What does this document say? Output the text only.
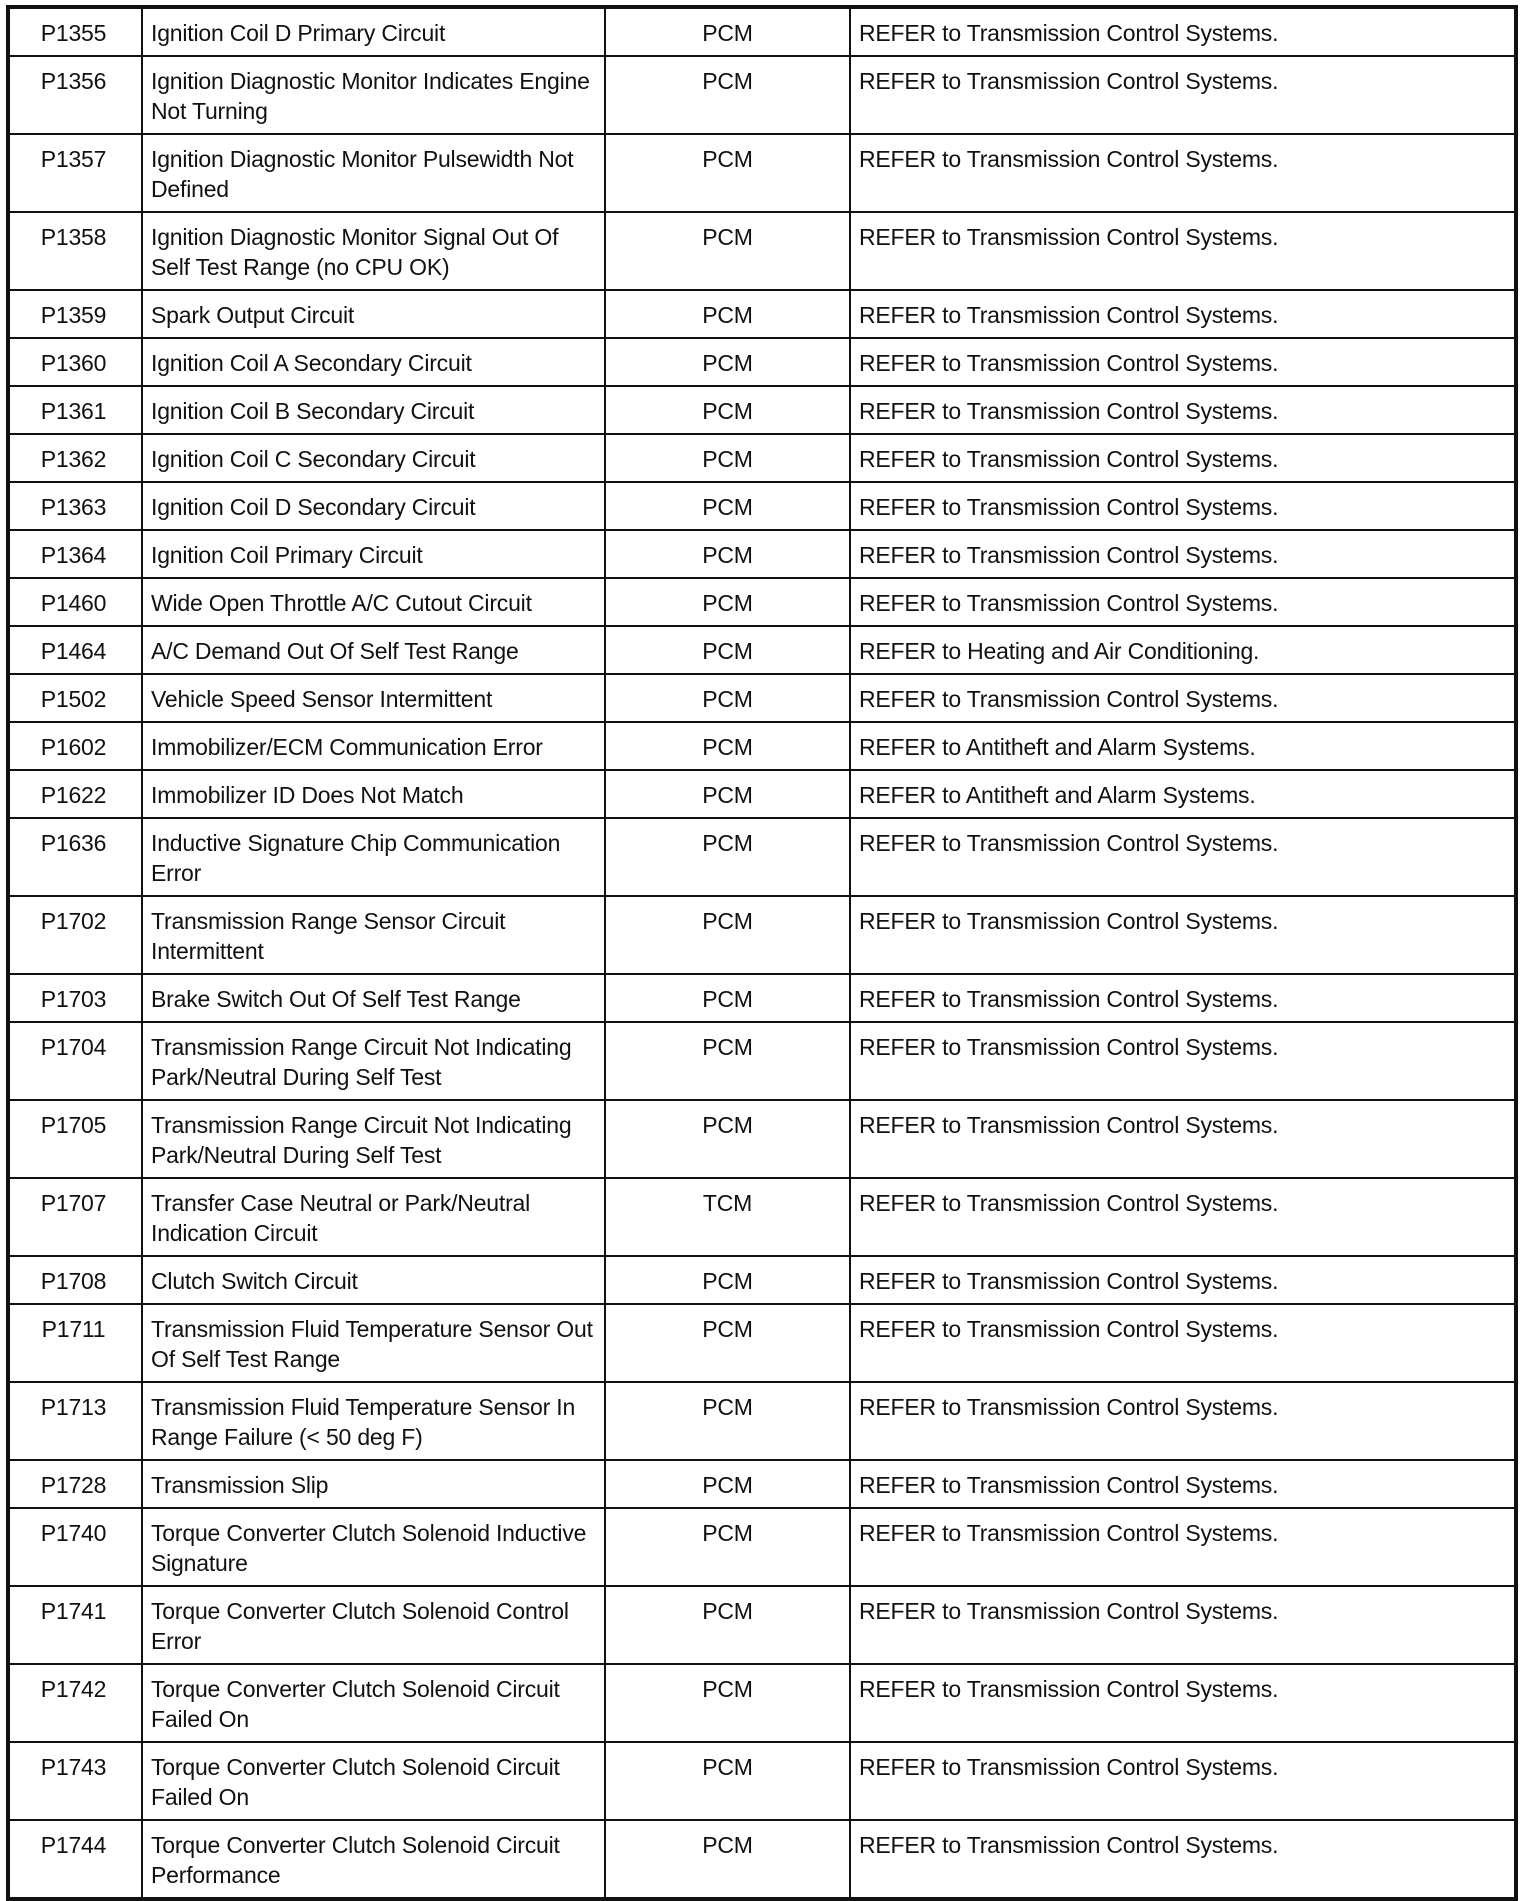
P1355	Ignition Coil D Primary Circuit	PCM	REFER to Transmission Control Systems.
P1356	Ignition Diagnostic Monitor Indicates Engine Not Turning	PCM	REFER to Transmission Control Systems.
P1357	Ignition Diagnostic Monitor Pulsewidth Not Defined	PCM	REFER to Transmission Control Systems.
P1358	Ignition Diagnostic Monitor Signal Out Of Self Test Range (no CPU OK)	PCM	REFER to Transmission Control Systems.
P1359	Spark Output Circuit	PCM	REFER to Transmission Control Systems.
P1360	Ignition Coil A Secondary Circuit	PCM	REFER to Transmission Control Systems.
P1361	Ignition Coil B Secondary Circuit	PCM	REFER to Transmission Control Systems.
P1362	Ignition Coil C Secondary Circuit	PCM	REFER to Transmission Control Systems.
P1363	Ignition Coil D Secondary Circuit	PCM	REFER to Transmission Control Systems.
P1364	Ignition Coil Primary Circuit	PCM	REFER to Transmission Control Systems.
P1460	Wide Open Throttle A/C Cutout Circuit	PCM	REFER to Transmission Control Systems.
P1464	A/C Demand Out Of Self Test Range	PCM	REFER to Heating and Air Conditioning.
P1502	Vehicle Speed Sensor Intermittent	PCM	REFER to Transmission Control Systems.
P1602	Immobilizer/ECM Communication Error	PCM	REFER to Antitheft and Alarm Systems.
P1622	Immobilizer ID Does Not Match	PCM	REFER to Antitheft and Alarm Systems.
P1636	Inductive Signature Chip Communication Error	PCM	REFER to Transmission Control Systems.
P1702	Transmission Range Sensor Circuit Intermittent	PCM	REFER to Transmission Control Systems.
P1703	Brake Switch Out Of Self Test Range	PCM	REFER to Transmission Control Systems.
P1704	Transmission Range Circuit Not Indicating Park/Neutral During Self Test	PCM	REFER to Transmission Control Systems.
P1705	Transmission Range Circuit Not Indicating Park/Neutral During Self Test	PCM	REFER to Transmission Control Systems.
P1707	Transfer Case Neutral or Park/Neutral Indication Circuit	TCM	REFER to Transmission Control Systems.
P1708	Clutch Switch Circuit	PCM	REFER to Transmission Control Systems.
P1711	Transmission Fluid Temperature Sensor Out Of Self Test Range	PCM	REFER to Transmission Control Systems.
P1713	Transmission Fluid Temperature Sensor In Range Failure (< 50 deg F)	PCM	REFER to Transmission Control Systems.
P1728	Transmission Slip	PCM	REFER to Transmission Control Systems.
P1740	Torque Converter Clutch Solenoid Inductive Signature	PCM	REFER to Transmission Control Systems.
P1741	Torque Converter Clutch Solenoid Control Error	PCM	REFER to Transmission Control Systems.
P1742	Torque Converter Clutch Solenoid Circuit Failed On	PCM	REFER to Transmission Control Systems.
P1743	Torque Converter Clutch Solenoid Circuit Failed On	PCM	REFER to Transmission Control Systems.
P1744	Torque Converter Clutch Solenoid Circuit Performance	PCM	REFER to Transmission Control Systems.
